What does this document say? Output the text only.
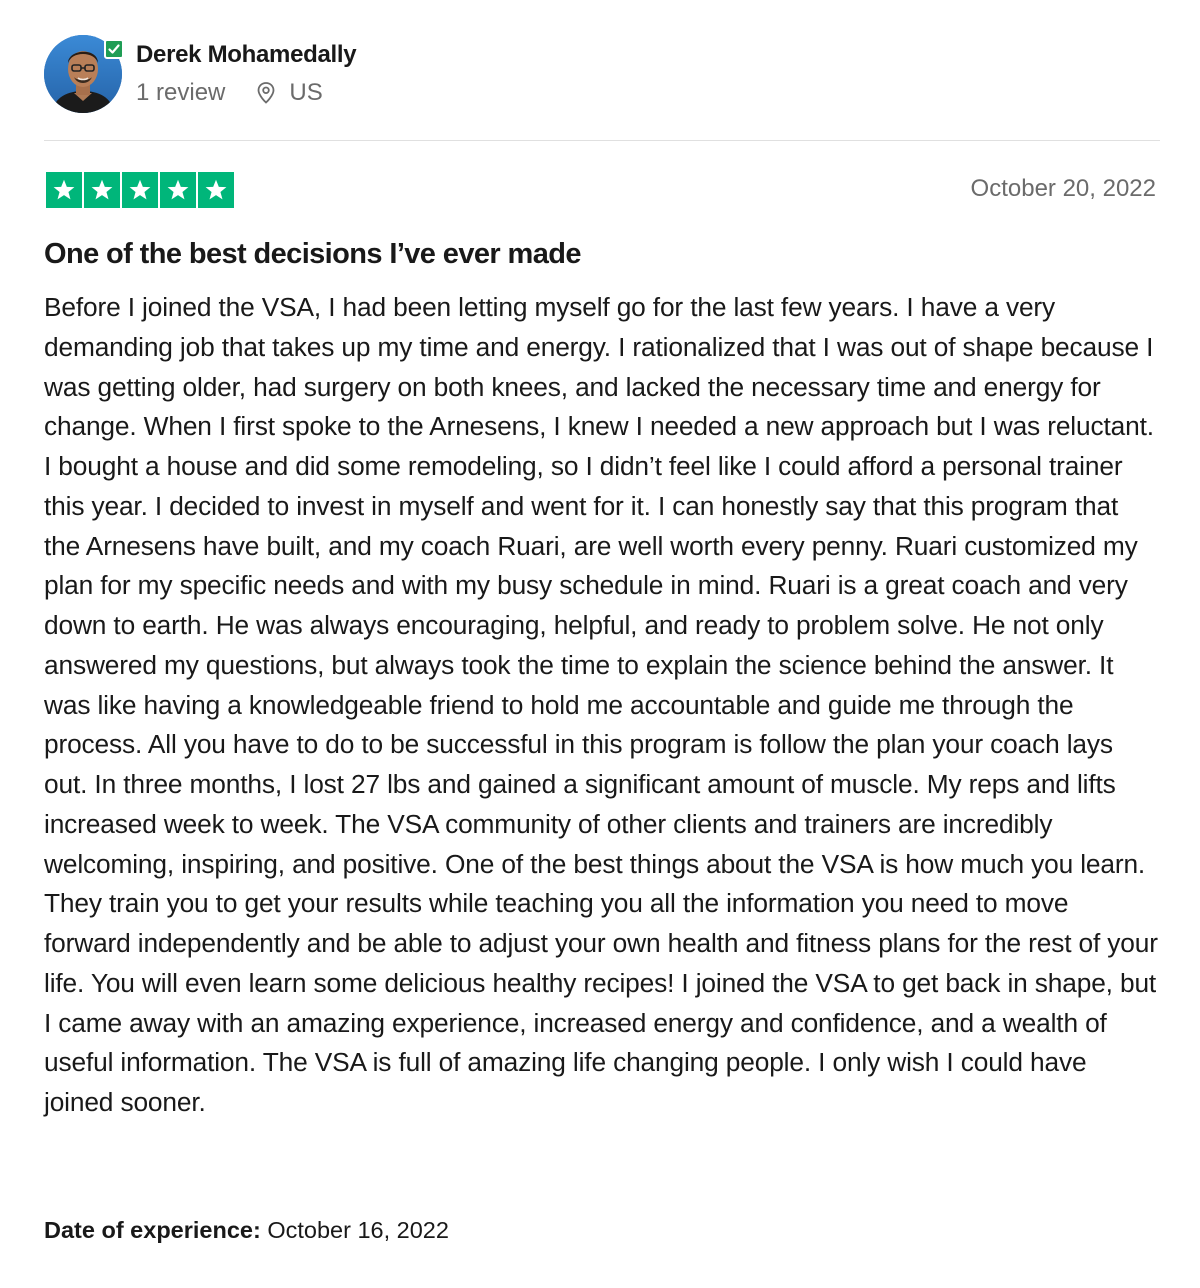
Derek Mohamedally
1 review	US
October 20, 2022
One of the best decisions I’ve ever made
Before I joined the VSA, I had been letting myself go for the last few years. I have a very demanding job that takes up my time and energy. I rationalized that I was out of shape because I was getting older, had surgery on both knees, and lacked the necessary time and energy for change. When I first spoke to the Arnesens, I knew I needed a new approach but I was reluctant. I bought a house and did some remodeling, so I didn’t feel like I could afford a personal trainer this year. I decided to invest in myself and went for it. I can honestly say that this program that the Arnesens have built, and my coach Ruari, are well worth every penny. Ruari customized my plan for my specific needs and with my busy schedule in mind. Ruari is a great coach and very down to earth. He was always encouraging, helpful, and ready to problem solve. He not only answered my questions, but always took the time to explain the science behind the answer. It was like having a knowledgeable friend to hold me accountable and guide me through the process. All you have to do to be successful in this program is follow the plan your coach lays out. In three months, I lost 27 lbs and gained a significant amount of muscle. My reps and lifts increased week to week. The VSA community of other clients and trainers are incredibly welcoming, inspiring, and positive. One of the best things about the VSA is how much you learn. They train you to get your results while teaching you all the information you need to move forward independently and be able to adjust your own health and fitness plans for the rest of your life. You will even learn some delicious healthy recipes! I joined the VSA to get back in shape, but I came away with an amazing experience, increased energy and confidence, and a wealth of useful information. The VSA is full of amazing life changing people. I only wish I could have joined sooner.
Date of experience: October 16, 2022
